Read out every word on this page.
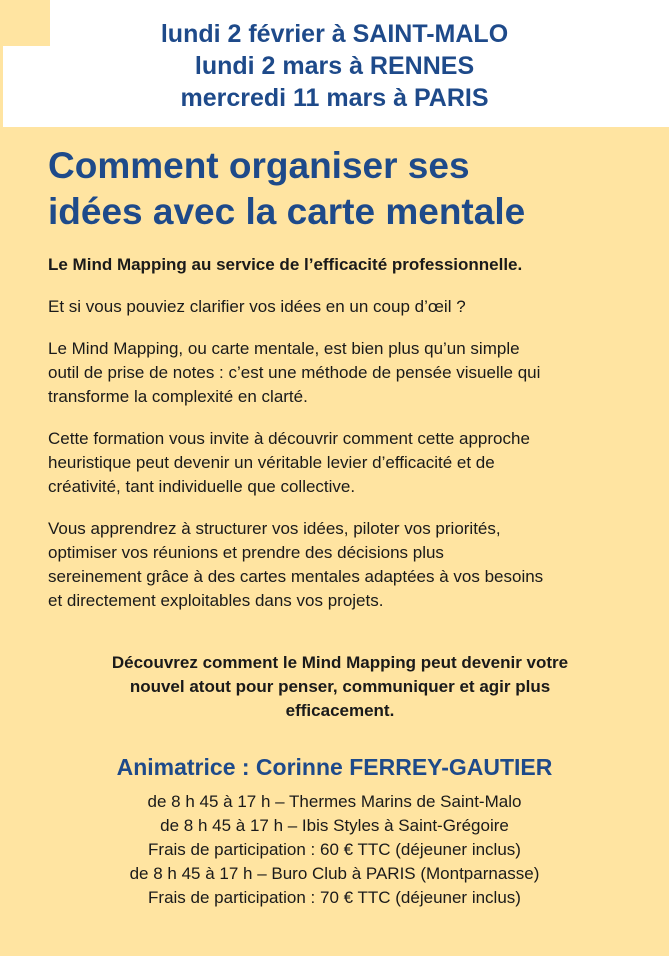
lundi 2 février à SAINT-MALO
lundi 2 mars à RENNES
mercredi 11 mars à PARIS
Comment organiser ses
idées avec la carte mentale

Le Mind Mapping au service de l’efficacité professionnelle.

Et si vous pouviez clarifier vos idées en un coup d’œil ?

Le Mind Mapping, ou carte mentale, est bien plus qu’un simple
outil de prise de notes : c’est une méthode de pensée visuelle qui
transforme la complexité en clarté.

Cette formation vous invite à découvrir comment cette approche
heuristique peut devenir un véritable levier d’efficacité et de
créativité, tant individuelle que collective.

Vous apprendrez à structurer vos idées, piloter vos priorités,
optimiser vos réunions et prendre des décisions plus
sereinement grâce à des cartes mentales adaptées à vos besoins
et directement exploitables dans vos projets.

Découvrez comment le Mind Mapping peut devenir votre
nouvel atout pour penser, communiquer et agir plus
efficacement.
Animatrice : Corinne FERREY-GAUTIER
de 8 h 45 à 17 h – Thermes Marins de Saint-Malo
de 8 h 45 à 17 h – Ibis Styles à Saint-Grégoire
Frais de participation : 60 € TTC (déjeuner inclus)
de 8 h 45 à 17 h – Buro Club à PARIS (Montparnasse)
Frais de participation : 70 € TTC (déjeuner inclus)
